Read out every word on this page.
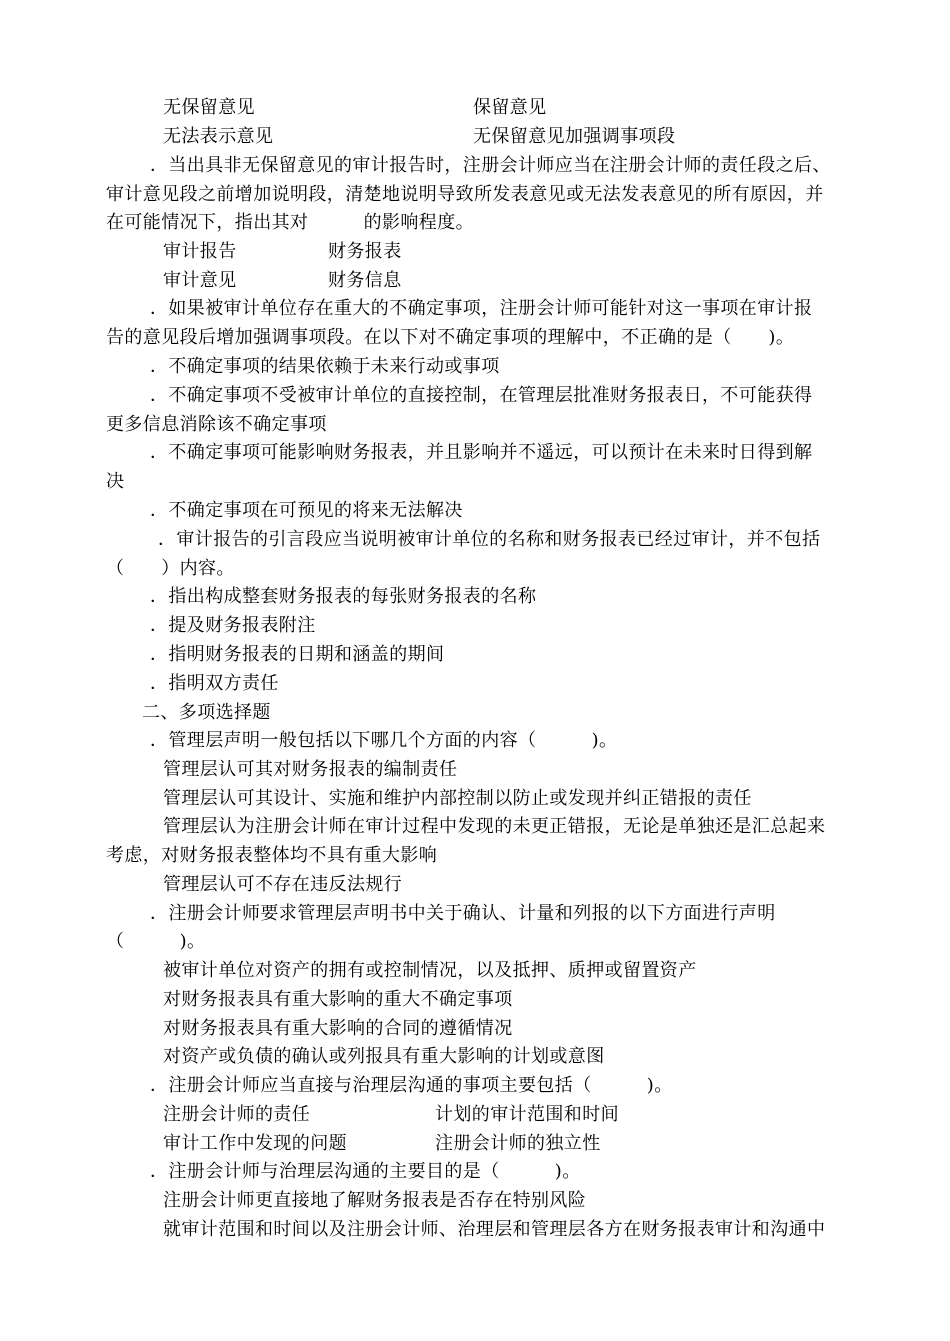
无保留意见	保留意见
无法表示意见	无保留意见加强调事项段
．当出具非无保留意见的审计报告时，注册会计师应当在注册会计师的责任段之后、
审计意见段之前增加说明段，清楚地说明导致所发表意见或无法发表意见的所有原因，并
在可能情况下，指出其对　　　的影响程度。
审计报告	财务报表
审计意见	财务信息
．如果被审计单位存在重大的不确定事项，注册会计师可能针对这一事项在审计报
告的意见段后增加强调事项段。在以下对不确定事项的理解中，不正确的是（　　)。
．不确定事项的结果依赖于未来行动或事项
．不确定事项不受被审计单位的直接控制，在管理层批准财务报表日，不可能获得
更多信息消除该不确定事项
．不确定事项可能影响财务报表，并且影响并不遥远，可以预计在未来时日得到解
决
．不确定事项在可预见的将来无法解决
．审计报告的引言段应当说明被审计单位的名称和财务报表已经过审计，并不包括
（　　）内容。
．指出构成整套财务报表的每张财务报表的名称
．提及财务报表附注
．指明财务报表的日期和涵盖的期间
．指明双方责任
二、多项选择题
．管理层声明一般包括以下哪几个方面的内容（　　　)。
管理层认可其对财务报表的编制责任
管理层认可其设计、实施和维护内部控制以防止或发现并纠正错报的责任
管理层认为注册会计师在审计过程中发现的未更正错报，无论是单独还是汇总起来
考虑，对财务报表整体均不具有重大影响
管理层认可不存在违反法规行
．注册会计师要求管理层声明书中关于确认、计量和列报的以下方面进行声明
（　　　)。
被审计单位对资产的拥有或控制情况，以及抵押、质押或留置资产
对财务报表具有重大影响的重大不确定事项
对财务报表具有重大影响的合同的遵循情况
对资产或负债的确认或列报具有重大影响的计划或意图
．注册会计师应当直接与治理层沟通的事项主要包括（　　　)。
注册会计师的责任	计划的审计范围和时间
审计工作中发现的问题	注册会计师的独立性
．注册会计师与治理层沟通的主要目的是（　　　)。
注册会计师更直接地了解财务报表是否存在特别风险
就审计范围和时间以及注册会计师、治理层和管理层各方在财务报表审计和沟通中
